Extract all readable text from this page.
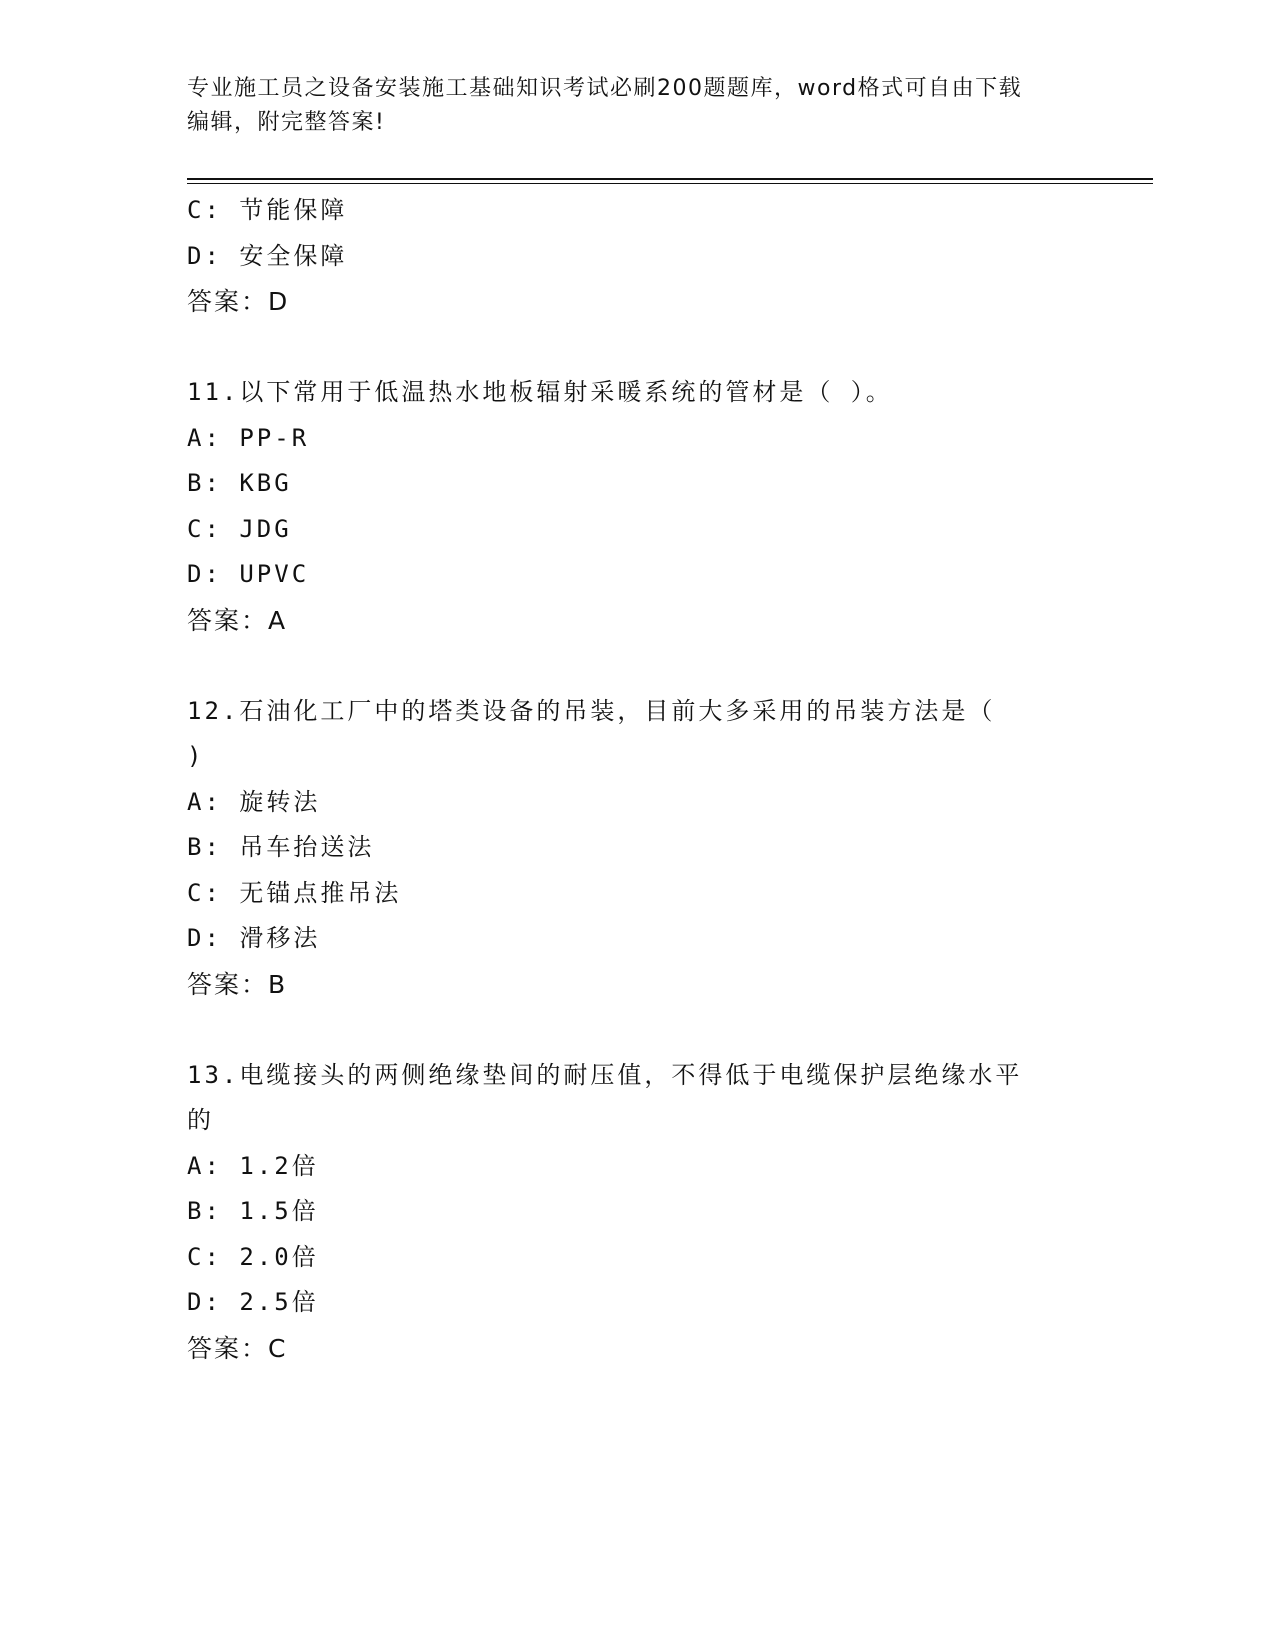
专业施工员之设备安装施工基础知识考试必刷200题题库，word格式可自由下载
编辑，附完整答案!
C: 节能保障
D: 安全保障
答案：D
11.以下常用于低温热水地板辐射采暖系统的管材是（ ）。
A: PP-R
B: KBG
C: JDG
D: UPVC
答案：A
12.石油化工厂中的塔类设备的吊装，目前大多采用的吊装方法是（
)
A: 旋转法
B: 吊车抬送法
C: 无锚点推吊法
D: 滑移法
答案：B
13.电缆接头的两侧绝缘垫间的耐压值，不得低于电缆保护层绝缘水平
的
A: 1.2倍
B: 1.5倍
C: 2.0倍
D: 2.5倍
答案：C
